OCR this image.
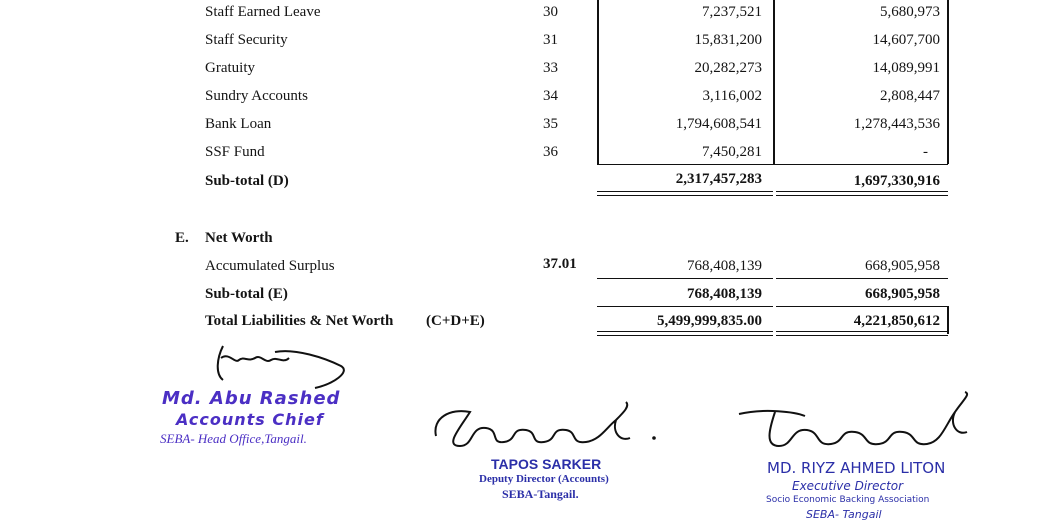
Staff Earned Leave	30	7,237,521	5,680,973
Staff Security	31	15,831,200	14,607,700
Gratuity	33	20,282,273	14,089,991
Sundry Accounts	34	3,116,002	2,808,447
Bank Loan	35	1,794,608,541	1,278,443,536
SSF Fund	36	7,450,281	-
Sub-total (D)	2,317,457,283	1,697,330,916
E. Net Worth
Accumulated Surplus	37.01	768,408,139	668,905,958
Sub-total (E)	768,408,139	668,905,958
Total Liabilities & Net Worth (C+D+E)	5,499,999,835.00	4,221,850,612
Md. Abu Rashed
Accounts Chief
SEBA- Head Office,Tangail.
TAPOS SARKER
Deputy Director (Accounts)
SEBA-Tangail.
MD. RIYZ AHMED LITON
Executive Director
Socio Economic Backing Association
SEBA- Tangail
